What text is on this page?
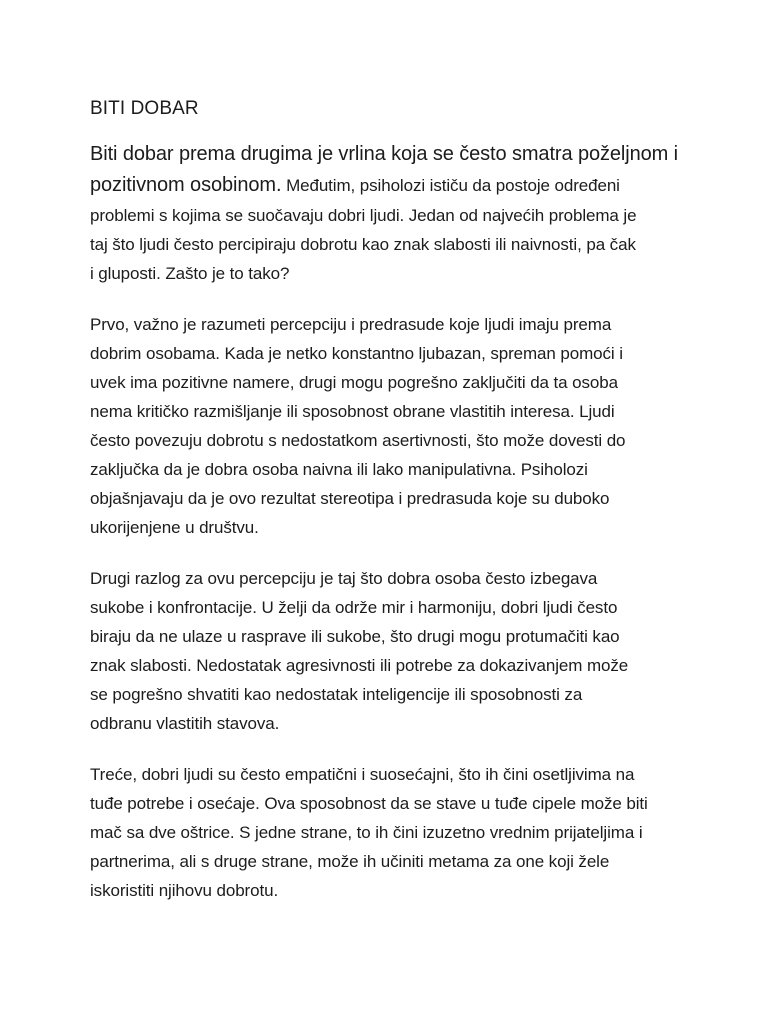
BITI DOBAR
Biti dobar prema drugima je vrlina koja se često smatra poželjnom i
pozitivnom osobinom. Međutim, psiholozi ističu da postoje određeni
problemi s kojima se suočavaju dobri ljudi. Jedan od najvećih problema je
taj što ljudi često percipiraju dobrotu kao znak slabosti ili naivnosti, pa čak
i gluposti. Zašto je to tako?
Prvo, važno je razumeti percepciju i predrasude koje ljudi imaju prema
dobrim osobama. Kada je netko konstantno ljubazan, spreman pomoći i
uvek ima pozitivne namere, drugi mogu pogrešno zaključiti da ta osoba
nema kritičko razmišljanje ili sposobnost obrane vlastitih interesa. Ljudi
često povezuju dobrotu s nedostatkom asertivnosti, što može dovesti do
zaključka da je dobra osoba naivna ili lako manipulativna. Psiholozi
objašnjavaju da je ovo rezultat stereotipa i predrasuda koje su duboko
ukorijenjene u društvu.
Drugi razlog za ovu percepciju je taj što dobra osoba često izbegava
sukobe i konfrontacije. U želji da održe mir i harmoniju, dobri ljudi često
biraju da ne ulaze u rasprave ili sukobe, što drugi mogu protumačiti kao
znak slabosti. Nedostatak agresivnosti ili potrebe za dokazivanjem može
se pogrešno shvatiti kao nedostatak inteligencije ili sposobnosti za
odbranu vlastitih stavova.
Treće, dobri ljudi su često empatični i suosećajni, što ih čini osetljivima na
tuđe potrebe i osećaje. Ova sposobnost da se stave u tuđe cipele može biti
mač sa dve oštrice. S jedne strane, to ih čini izuzetno vrednim prijateljima i
partnerima, ali s druge strane, može ih učiniti metama za one koji žele
iskoristiti njihovu dobrotu.
